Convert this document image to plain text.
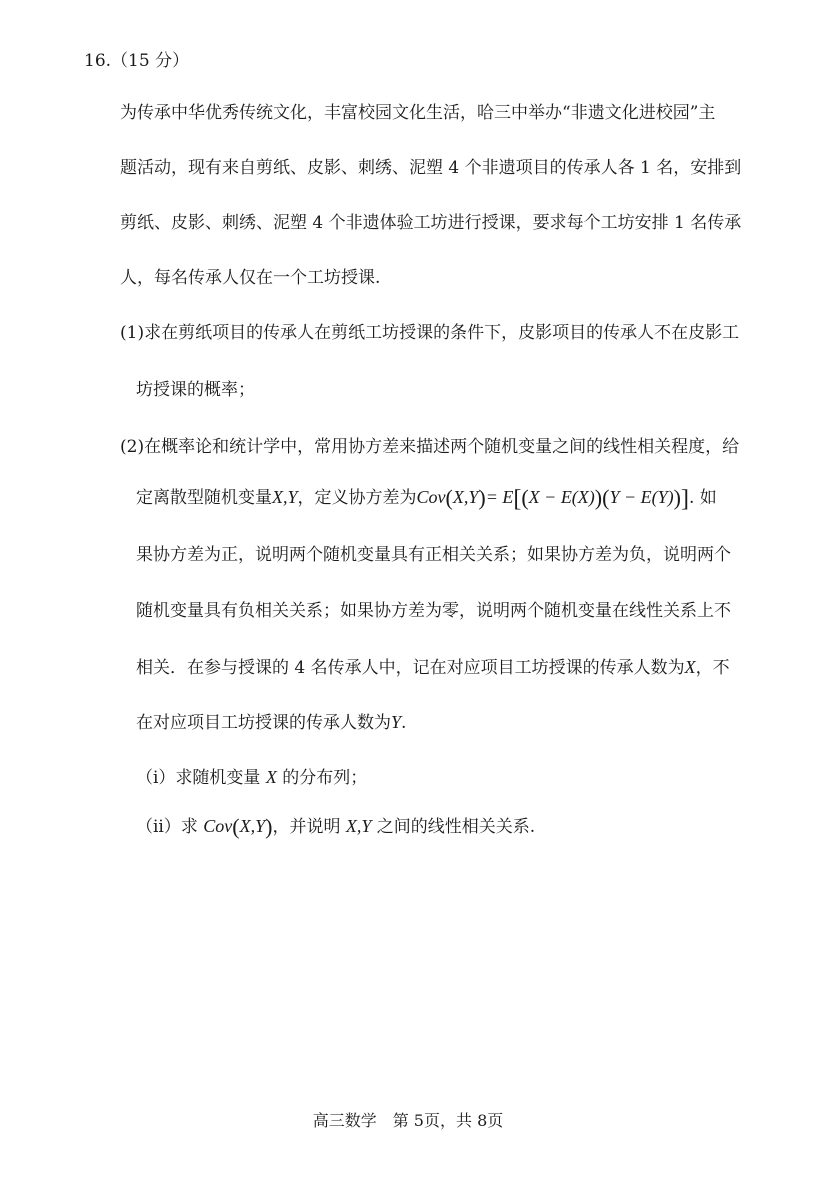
16.（15 分）
为传承中华优秀传统文化，丰富校园文化生活，哈三中举办“非遗文化进校园”主
题活动，现有来自剪纸、皮影、刺绣、泥塑 4 个非遗项目的传承人各 1 名，安排到
剪纸、皮影、刺绣、泥塑 4 个非遗体验工坊进行授课，要求每个工坊安排 1 名传承
人，每名传承人仅在一个工坊授课.
(1)求在剪纸项目的传承人在剪纸工坊授课的条件下，皮影项目的传承人不在皮影工
坊授课的概率；
(2)在概率论和统计学中，常用协方差来描述两个随机变量之间的线性相关程度，给
定离散型随机变量X,Y，定义协方差为Cov(X,Y)= E[(X − E(X))(Y − E(Y))]. 如
果协方差为正，说明两个随机变量具有正相关关系；如果协方差为负，说明两个
随机变量具有负相关关系；如果协方差为零，说明两个随机变量在线性关系上不
相关．在参与授课的 4 名传承人中，记在对应项目工坊授课的传承人数为X，不
在对应项目工坊授课的传承人数为Y.
（i）求随机变量 X 的分布列；
（ii）求 Cov(X,Y)，并说明 X,Y 之间的线性相关关系.
高三数学　第 5页，共 8页
